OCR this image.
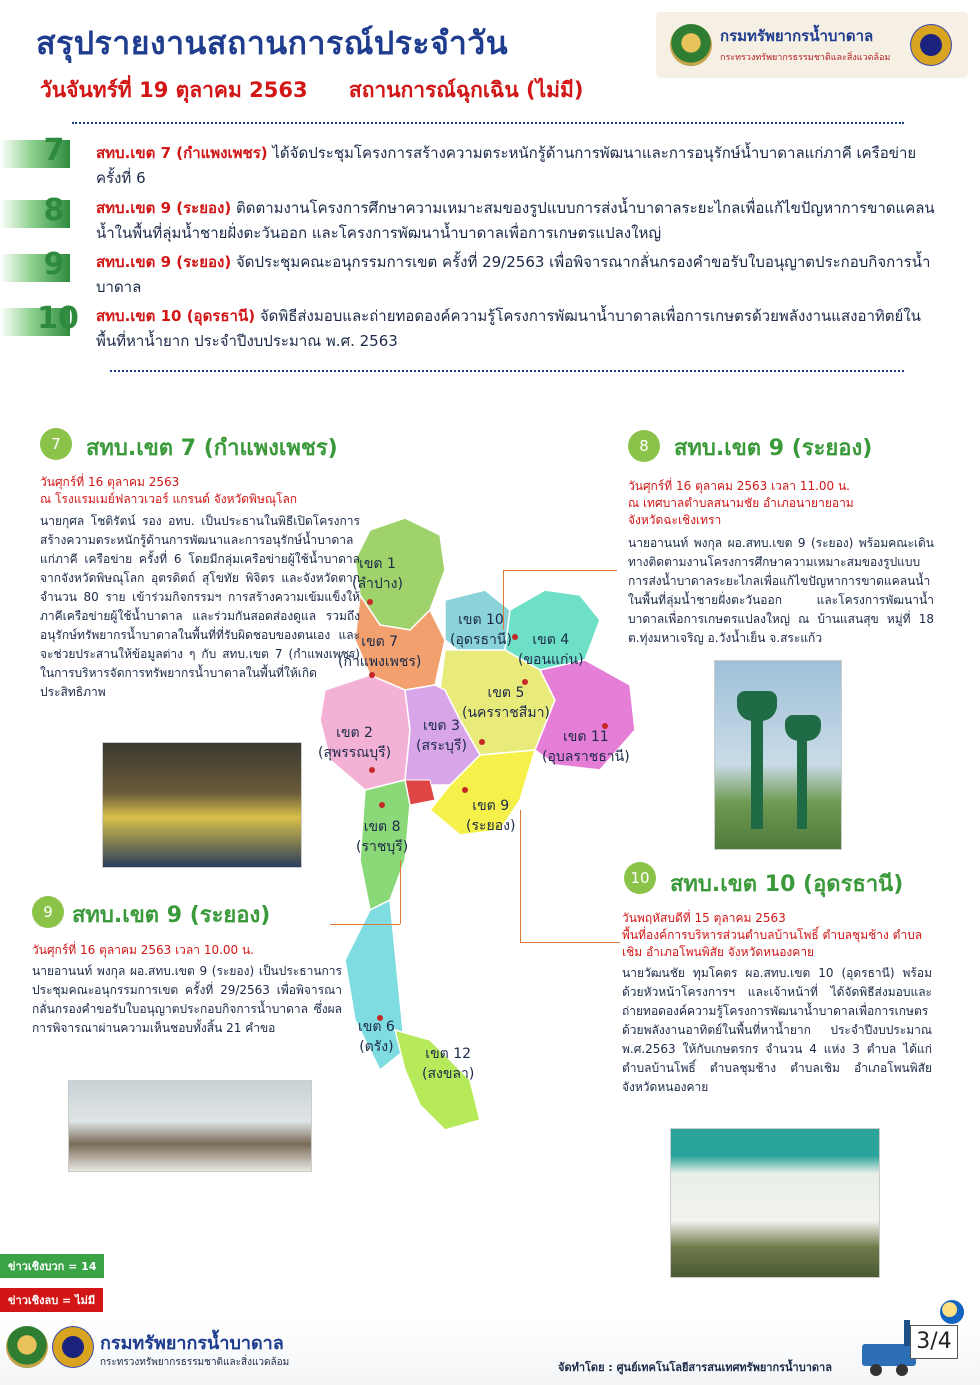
สรุปรายงานสถานการณ์ประจำวัน
วันจันทร์ที่ 19 ตุลาคม 2563 สถานการณ์ฉุกเฉิน (ไม่มี)
กรมทรัพยากรน้ำบาดาล
กระทรวงทรัพยากรธรรมชาติและสิ่งแวดล้อม
7	สทบ.เขต 7 (กำแพงเพชร) ได้จัดประชุมโครงการสร้างความตระหนักรู้ด้านการพัฒนาและการอนุรักษ์น้ำบาดาลแก่ภาคี เครือข่าย ครั้งที่ 6
8	สทบ.เขต 9 (ระยอง) ติดตามงานโครงการศึกษาความเหมาะสมของรูปแบบการส่งน้ำบาดาลระยะไกลเพื่อแก้ไขปัญหาการขาดแคลนน้ำในพื้นที่ลุ่มน้ำชายฝั่งตะวันออก และโครงการพัฒนาน้ำบาดาลเพื่อการเกษตรแปลงใหญ่
9	สทบ.เขต 9 (ระยอง) จัดประชุมคณะอนุกรรมการเขต ครั้งที่ 29/2563 เพื่อพิจารณากลั่นกรองคำขอรับใบอนุญาตประกอบกิจการน้ำบาดาล
10	สทบ.เขต 10 (อุดรธานี) จัดพิธีส่งมอบและถ่ายทอดองค์ความรู้โครงการพัฒนาน้ำบาดาลเพื่อการเกษตรด้วยพลังงานแสงอาทิตย์ในพื้นที่หาน้ำยาก ประจำปีงบประมาณ พ.ศ. 2563
เขต 1
(ลำปาง)
เขต 7
(กำแพงเพชร)
เขต 10
(อุดรธานี)	เขต 4
(ขอนแก่น)
เขต 5
(นครราชสีมา)
เขต 2
(สุพรรณบุรี)
เขต 3
(สระบุรี)
เขต 11
(อุบลราชธานี)
เขต 9
(ระยอง)
เขต 8
(ราชบุรี)
เขต 6
(ตรัง) เขต 12
(สงขลา)
7	สทบ.เขต 7 (กำแพงเพชร)
วันศุกร์ที่ 16 ตุลาคม 2563
ณ โรงแรมเมย์ฟลาวเวอร์ แกรนด์ จังหวัดพิษณุโลก
นายกุศล โชติรัตน์ รอง อทบ. เป็นประธานในพิธีเปิดโครงการสร้างความตระหนักรู้ด้านการพัฒนาและการอนุรักษ์น้ำบาดาลแก่ภาคี เครือข่าย ครั้งที่ 6 โดยมีกลุ่มเครือข่ายผู้ใช้น้ำบาดาล จากจังหวัดพิษณุโลก อุตรดิตถ์ สุโขทัย พิจิตร และจังหวัดตาก จำนวน 80 ราย เข้าร่วมกิจกรรมฯ การสร้างความเข้มแข็งให้ภาคีเครือข่ายผู้ใช้น้ำบาดาล และร่วมกันสอดส่องดูแล รวมถึงอนุรักษ์ทรัพยากรน้ำบาดาลในพื้นที่ที่รับผิดชอบของตนเอง และจะช่วยประสานให้ข้อมูลต่าง ๆ กับ สทบ.เขต 7 (กำแพงเพชร) ในการบริหารจัดการทรัพยากรน้ำบาดาลในพื้นที่ให้เกิดประสิทธิภาพ
8	สทบ.เขต 9 (ระยอง)
วันศุกร์ที่ 16 ตุลาคม 2563 เวลา 11.00 น.
ณ เทศบาลตำบลสนามชัย อำเภอนายายอาม
จังหวัดฉะเชิงเทรา
นายอานนท์ พงกุล ผอ.สทบ.เขต 9 (ระยอง) พร้อมคณะเดินทางติดตามงานโครงการศึกษาความเหมาะสมของรูปแบบการส่งน้ำบาดาลระยะไกลเพื่อแก้ไขปัญหาการขาดแคลนน้ำในพื้นที่ลุ่มน้ำชายฝั่งตะวันออก และโครงการพัฒนาน้ำบาดาลเพื่อการเกษตรแปลงใหญ่ ณ บ้านแสนสุข หมู่ที่ 18 ต.ทุ่งมหาเจริญ อ.วังน้ำเย็น จ.สระแก้ว
9 สทบ.เขต 9 (ระยอง)
วันศุกร์ที่ 16 ตุลาคม 2563 เวลา 10.00 น.
นายอานนท์ พงกุล ผอ.สทบ.เขต 9 (ระยอง) เป็นประธานการประชุมคณะอนุกรรมการเขต ครั้งที่ 29/2563 เพื่อพิจารณากลั่นกรองคำขอรับใบอนุญาตประกอบกิจการน้ำบาดาล ซึ่งผลการพิจารณาผ่านความเห็นชอบทั้งสิ้น 21 คำขอ
10 สทบ.เขต 10 (อุดรธานี)
วันพฤหัสบดีที่ 15 ตุลาคม 2563
พื้นที่องค์การบริหารส่วนตำบลบ้านโพธิ์ ตำบลชุมช้าง ตำบลเชิม อำเภอโพนพิสัย จังหวัดหนองคาย
นายวัฒนชัย ทุมโคตร ผอ.สทบ.เขต 10 (อุดรธานี) พร้อมด้วยหัวหน้าโครงการฯ และเจ้าหน้าที่ ได้จัดพิธีส่งมอบและถ่ายทอดองค์ความรู้โครงการพัฒนาน้ำบาดาลเพื่อการเกษตรด้วยพลังงานอาทิตย์ในพื้นที่หาน้ำยาก ประจำปีงบประมาณ พ.ศ.2563 ให้กับเกษตรกร จำนวน 4 แห่ง 3 ตำบล ได้แก่ ตำบลบ้านโพธิ์ ตำบลชุมช้าง ตำบลเชิม อำเภอโพนพิสัย จังหวัดหนองคาย
ข่าวเชิงบวก = 14
ข่าวเชิงลบ = ไม่มี
กรมทรัพยากรน้ำบาดาล
กระทรวงทรัพยากรธรรมชาติและสิ่งแวดล้อม	จัดทำโดย : ศูนย์เทคโนโลยีสารสนเทศทรัพยากรน้ำบาดาล
3/4
